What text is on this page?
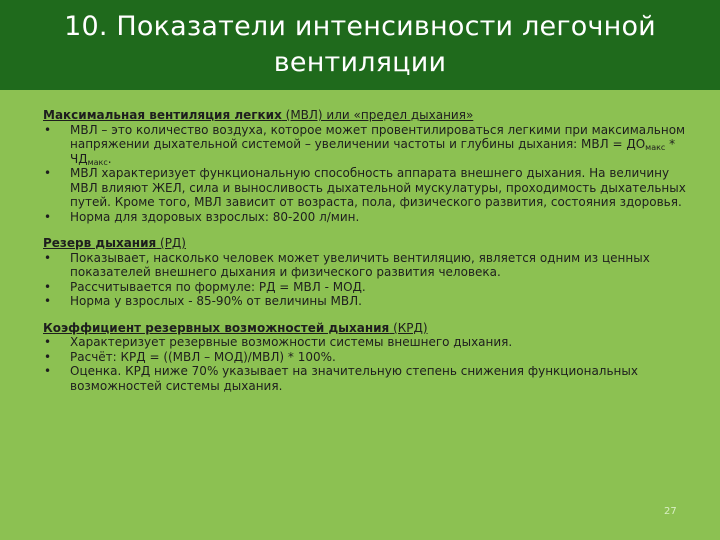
10. Показатели интенсивности легочной
вентиляции
Максимальная вентиляция легких (МВЛ) или «предел дыхания»
•	МВЛ – это количество воздуха, которое может провентилироваться легкими при максимальном напряжении дыхательной системой – увеличении частоты и глубины дыхания: МВЛ = $ДО_{макс} * ЧД_{макс}$.
•	МВЛ характеризует функциональную способность аппарата внешнего дыхания. На величину МВЛ влияют ЖЕЛ, сила и выносливость дыхательной мускулатуры, проходимость дыхательных путей. Кроме того, МВЛ зависит от возраста, пола, физического развития, состояния здоровья.
•	Норма для здоровых взрослых: 80-200 л/мин.
Резерв дыхания (РД)
•	Показывает, насколько человек может увеличить вентиляцию, является одним из ценных показателей внешнего дыхания и физического развития человека.
•	Рассчитывается по формуле: РД = МВЛ - МОД.
•	Норма у взрослых - 85-90% от величины МВЛ.
Коэффициент резервных возможностей дыхания (КРД)
•	Характеризует резервные возможности системы внешнего дыхания.
•	Расчёт: КРД = ((МВЛ – МОД)/МВЛ) * 100%.
•	Оценка. КРД ниже 70% указывает на значительную степень снижения функциональных возможностей системы дыхания.
27
